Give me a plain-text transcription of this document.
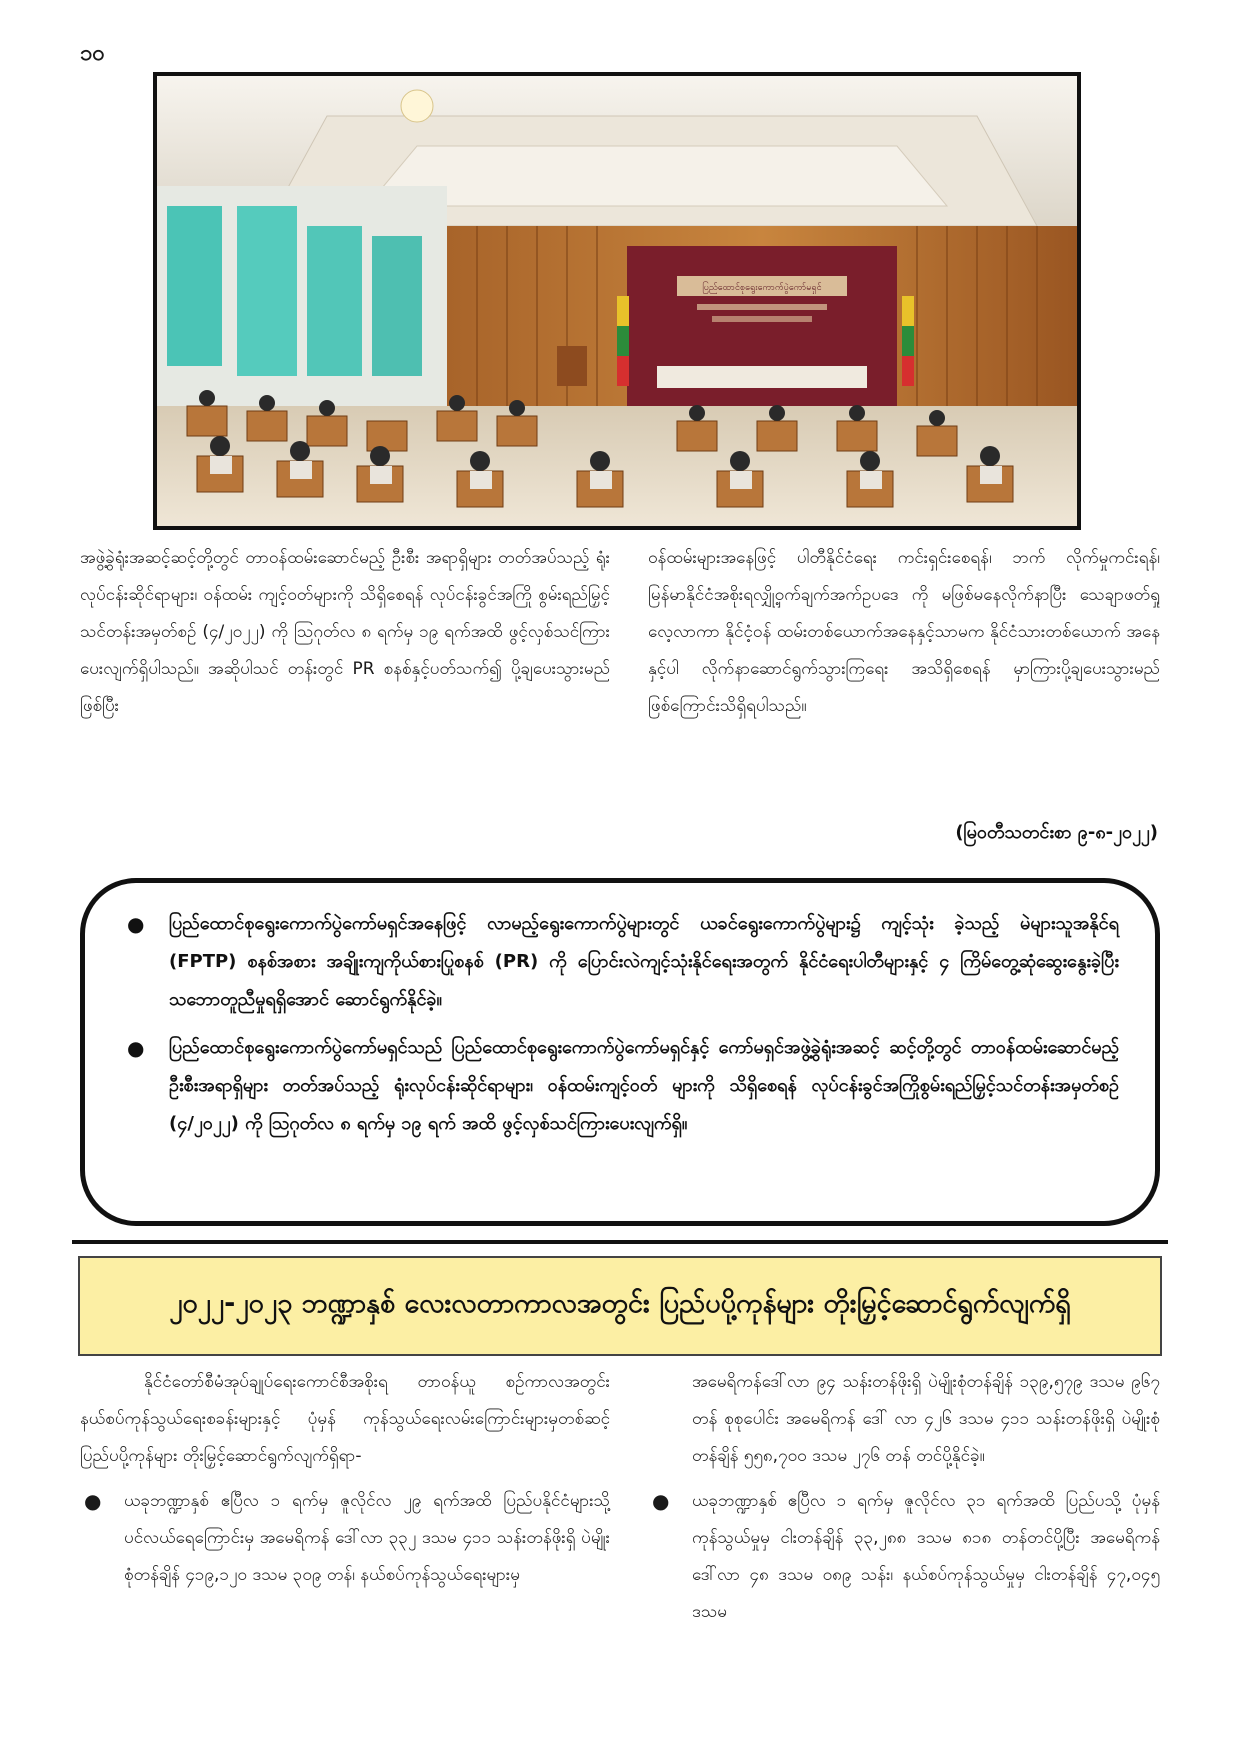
၁၀
ပြည်ထောင်စုရွေးကောက်ပွဲကော်မရှင်

အဖွဲ့ခွဲရုံးအဆင့်ဆင့်တို့တွင် တာဝန်ထမ်းဆောင်မည့် ဦးစီး အရာရှိများ တတ်အပ်သည့် ရုံးလုပ်ငန်းဆိုင်ရာများ၊ ဝန်ထမ်း ကျင့်ဝတ်များကို သိရှိစေရန် လုပ်ငန်းခွင်အကြို စွမ်းရည်မြှင့် သင်တန်းအမှတ်စဉ် (၄/၂၀၂၂) ကို ဩဂုတ်လ ၈ ရက်မှ ၁၉ ရက်အထိ ဖွင့်လှစ်သင်ကြားပေးလျက်ရှိပါသည်။ အဆိုပါသင် တန်းတွင် PR စနစ်နှင့်ပတ်သက်၍ ပို့ချပေးသွားမည်ဖြစ်ပြီး

ဝန်ထမ်းများအနေဖြင့် ပါတီနိုင်ငံရေး ကင်းရှင်းစေရန်၊ ဘက် လိုက်မှုကင်းရန်၊ မြန်မာနိုင်ငံအစိုးရလျှို့ဝှက်ချက်အက်ဥပဒေ ကို မဖြစ်မနေလိုက်နာပြီး သေချာဖတ်ရှုလေ့လာကာ နိုင်ငံ့ဝန် ထမ်းတစ်ယောက်အနေနှင့်သာမက နိုင်ငံသားတစ်ယောက် အနေနှင့်ပါ လိုက်နာဆောင်ရွက်သွားကြရေး အသိရှိစေရန် မှာကြားပို့ချပေးသွားမည်ဖြစ်ကြောင်းသိရှိရပါသည်။

(မြဝတီသတင်းစာ ၉-၈-၂၀၂၂)
● ပြည်ထောင်စုရွေးကောက်ပွဲကော်မရှင်အနေဖြင့် လာမည့်ရွေးကောက်ပွဲများတွင် ယခင်ရွေးကောက်ပွဲများ၌ ကျင့်သုံး ခဲ့သည့် မဲများသူအနိုင်ရ (FPTP) စနစ်အစား အချိုးကျကိုယ်စားပြုစနစ် (PR) ကို ပြောင်းလဲကျင့်သုံးနိုင်ရေးအတွက် နိုင်ငံရေးပါတီများနှင့် ၄ ကြိမ်တွေ့ဆုံဆွေးနွေးခဲ့ပြီး သဘောတူညီမှုရရှိအောင် ဆောင်ရွက်နိုင်ခဲ့။
● ပြည်ထောင်စုရွေးကောက်ပွဲကော်မရှင်သည် ပြည်ထောင်စုရွေးကောက်ပွဲကော်မရှင်နှင့် ကော်မရှင်အဖွဲ့ခွဲရုံးအဆင့် ဆင့်တို့တွင် တာဝန်ထမ်းဆောင်မည့် ဦးစီးအရာရှိများ တတ်အပ်သည့် ရုံးလုပ်ငန်းဆိုင်ရာများ၊ ဝန်ထမ်းကျင့်ဝတ် များကို သိရှိစေရန် လုပ်ငန်းခွင်အကြိုစွမ်းရည်မြှင့်သင်တန်းအမှတ်စဉ် (၄/၂၀၂၂) ကို ဩဂုတ်လ ၈ ရက်မှ ၁၉ ရက် အထိ ဖွင့်လှစ်သင်ကြားပေးလျက်ရှိ။
၂၀၂၂-၂၀၂၃ ဘဏ္ဍာနှစ် လေးလတာကာလအတွင်း ပြည်ပပို့ကုန်များ တိုးမြှင့်ဆောင်ရွက်လျက်ရှိ

နိုင်ငံတော်စီမံအုပ်ချုပ်ရေးကောင်စီအစိုးရ တာဝန်ယူ စဉ်ကာလအတွင်း နယ်စပ်ကုန်သွယ်ရေးစခန်းများနှင့် ပုံမှန် ကုန်သွယ်ရေးလမ်းကြောင်းများမှတစ်ဆင့် ပြည်ပပို့ကုန်များ တိုးမြှင့်ဆောင်ရွက်လျက်ရှိရာ-

● ယခုဘဏ္ဍာနှစ် ဧပြီလ ၁ ရက်မှ ဇူလိုင်လ ၂၉ ရက်အထိ ပြည်ပနိုင်ငံများသို့ ပင်လယ်ရေကြောင်းမှ အမေရိကန် ဒေါ်လာ ၃၃၂ ဒသမ ၄၁၁ သန်းတန်ဖိုးရှိ ပဲမျိုးစုံတန်ချိန် ၄၁၉,၁၂၀ ဒသမ ၃၀၉ တန်၊ နယ်စပ်ကုန်သွယ်ရေးများမှ

အမေရိကန်ဒေါ်လာ ၉၄ သန်းတန်ဖိုးရှိ ပဲမျိုးစုံတန်ချိန် ၁၃၉,၅၇၉ ဒသမ ၉၆၇ တန် စုစုပေါင်း အမေရိကန် ဒေါ် လာ ၄၂၆ ဒသမ ၄၁၁ သန်းတန်ဖိုးရှိ ပဲမျိုးစုံတန်ချိန် ၅၅၈,၇၀၀ ဒသမ ၂၇၆ တန် တင်ပို့နိုင်ခဲ့။

● ယခုဘဏ္ဍာနှစ် ဧပြီလ ၁ ရက်မှ ဇူလိုင်လ ၃၁ ရက်အထိ ပြည်ပသို့ ပုံမှန်ကုန်သွယ်မှုမှ ငါးတန်ချိန် ၃၃,၂၈၈ ဒသမ ၈၁၈ တန်တင်ပို့ပြီး အမေရိကန်ဒေါ်လာ ၄၈ ဒသမ ၀၈၉ သန်း၊ နယ်စပ်ကုန်သွယ်မှုမှ ငါးတန်ချိန် ၄၇,၀၄၅ ဒသမ
